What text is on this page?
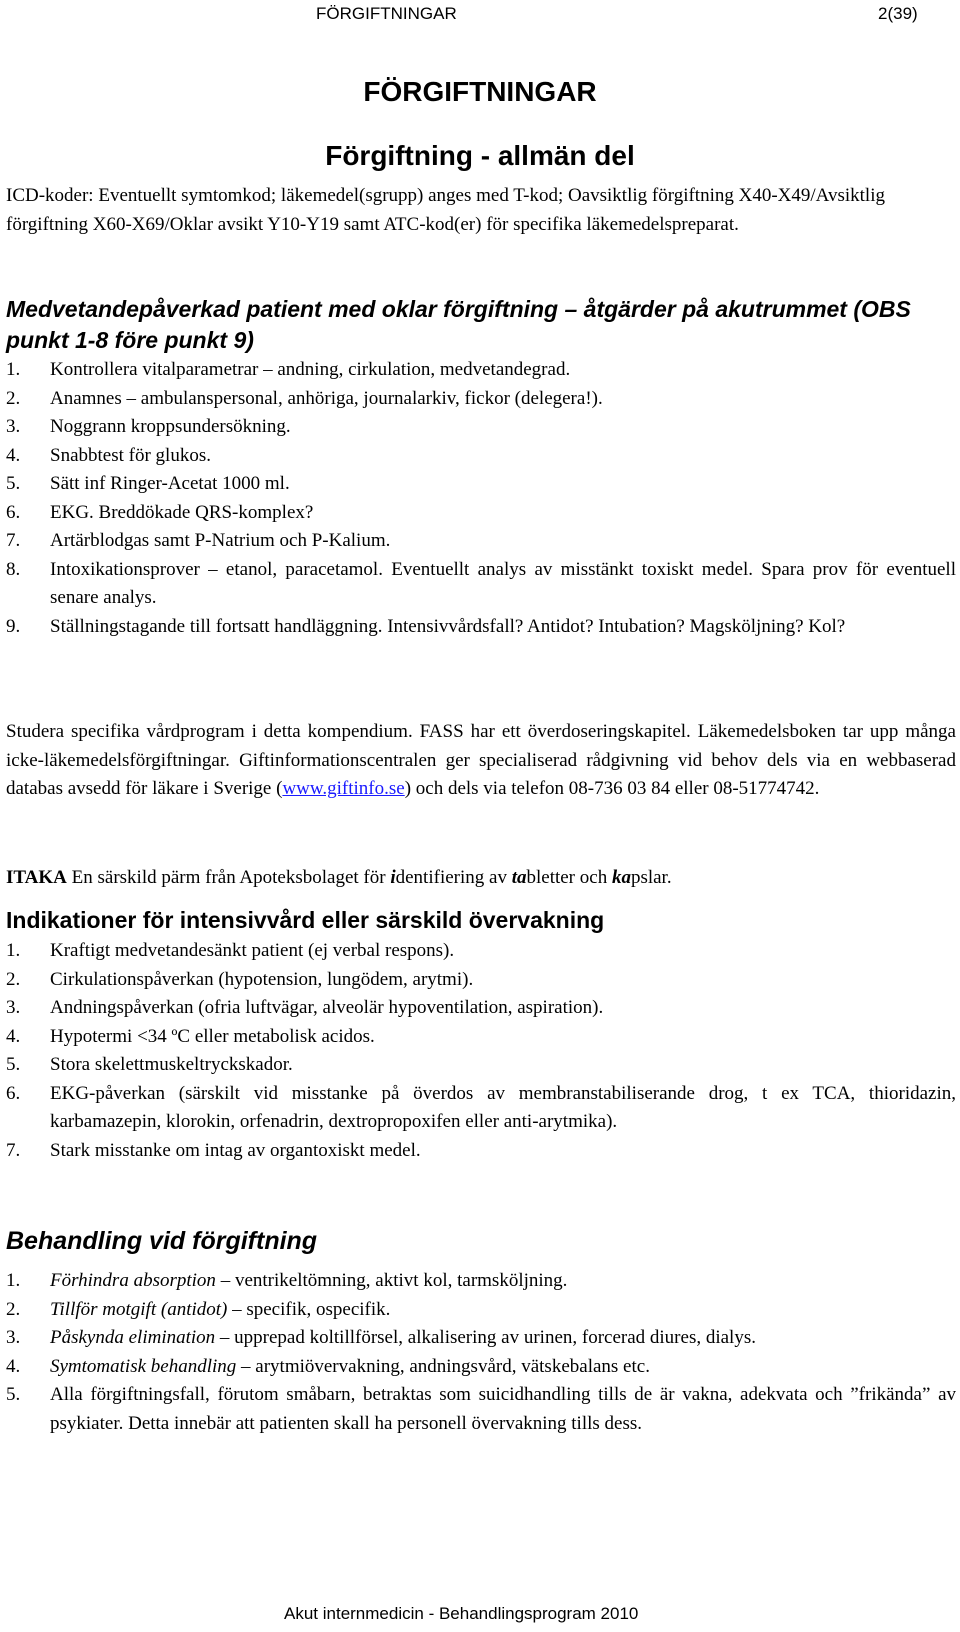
FÖRGIFTNINGAR	2(39)
FÖRGIFTNINGAR
Förgiftning - allmän del

ICD-koder: Eventuellt symtomkod; läkemedel(sgrupp) anges med T-kod; Oavsiktlig förgiftning X40-X49/Avsiktlig förgiftning X60-X69/Oklar avsikt Y10-Y19 samt ATC-kod(er) för specifika läkemedelspreparat.

Medvetandepåverkad patient med oklar förgiftning – åtgärder på akutrummet (OBS punkt 1-8 före punkt 9)
1. Kontrollera vitalparametrar – andning, cirkulation, medvetandegrad.
2. Anamnes – ambulanspersonal, anhöriga, journalarkiv, fickor (delegera!).
3. Noggrann kroppsundersökning.
4. Snabbtest för glukos.
5. Sätt inf Ringer-Acetat 1000 ml.
6. EKG. Breddökade QRS-komplex?
7. Artärblodgas samt P-Natrium och P-Kalium.
8. Intoxikationsprover – etanol, paracetamol. Eventuellt analys av misstänkt toxiskt medel. Spara prov för eventuell senare analys.
9. Ställningstagande till fortsatt handläggning. Intensivvårdsfall? Antidot? Intubation? Magsköljning? Kol?

Studera specifika vårdprogram i detta kompendium. FASS har ett överdoseringskapitel. Läkemedelsboken tar upp många icke-läkemedelsförgiftningar. Giftinformationscentralen ger specialiserad rådgivning vid behov dels via en webbaserad databas avsedd för läkare i Sverige (www.giftinfo.se) och dels via telefon 08-736 03 84 eller 08-51774742.

ITAKA En särskild pärm från Apoteksbolaget för identifiering av tabletter och kapslar.

Indikationer för intensivvård eller särskild övervakning
1. Kraftigt medvetandesänkt patient (ej verbal respons).
2. Cirkulationspåverkan (hypotension, lungödem, arytmi).
3. Andningspåverkan (ofria luftvägar, alveolär hypoventilation, aspiration).
4. Hypotermi <34 ºC eller metabolisk acidos.
5. Stora skelettmuskeltryckskador.
6. EKG-påverkan (särskilt vid misstanke på överdos av membranstabiliserande drog, t ex TCA, thioridazin, karbamazepin, klorokin, orfenadrin, dextropropoxifen eller anti-arytmika).
7. Stark misstanke om intag av organtoxiskt medel.
Behandling vid förgiftning
1. Förhindra absorption – ventrikeltömning, aktivt kol, tarmsköljning.
2. Tillför motgift (antidot) – specifik, ospecifik.
3. Påskynda elimination – upprepad koltillförsel, alkalisering av urinen, forcerad diures, dialys.
4. Symtomatisk behandling – arytmiövervakning, andningsvård, vätskebalans etc.
5. Alla förgiftningsfall, förutom småbarn, betraktas som suicidhandling tills de är vakna, adekvata och ”frikända” av psykiater. Detta innebär att patienten skall ha personell övervakning tills dess.
Akut internmedicin - Behandlingsprogram 2010
